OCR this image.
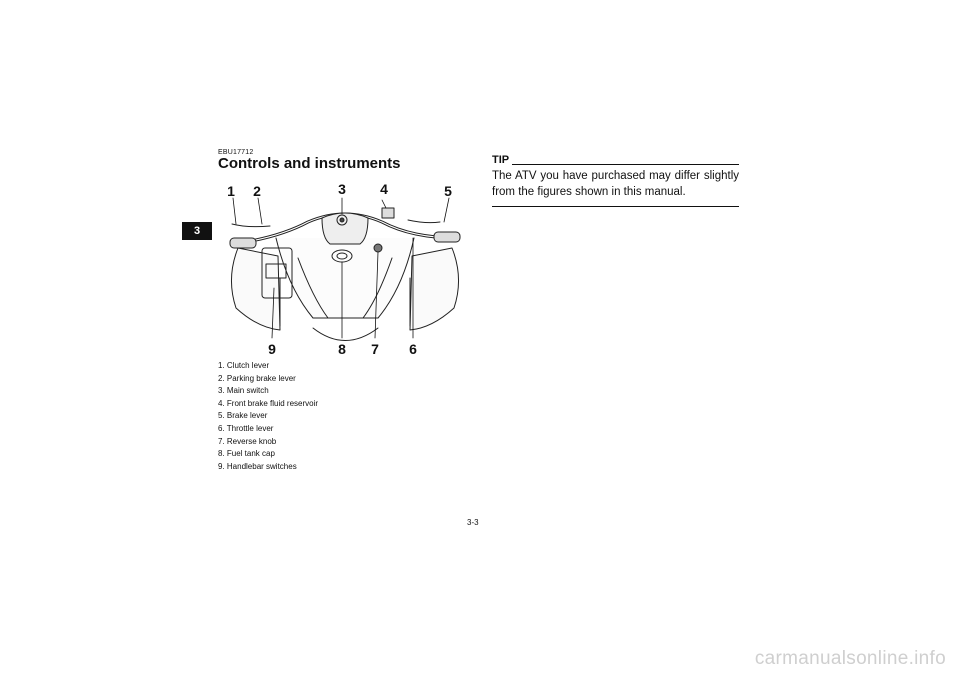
3
EBU17712
Controls and instruments
1 2	3 4	5
6
7
8
9
1. Clutch lever
2. Parking brake lever
3. Main switch
4. Front brake fluid reservoir
5. Brake lever
6. Throttle lever
7. Reverse knob
8. Fuel tank cap
9. Handlebar switches
TIP
The ATV you have purchased may differ slightly from the figures shown in this manual.
3-3
carmanualsonline.info
